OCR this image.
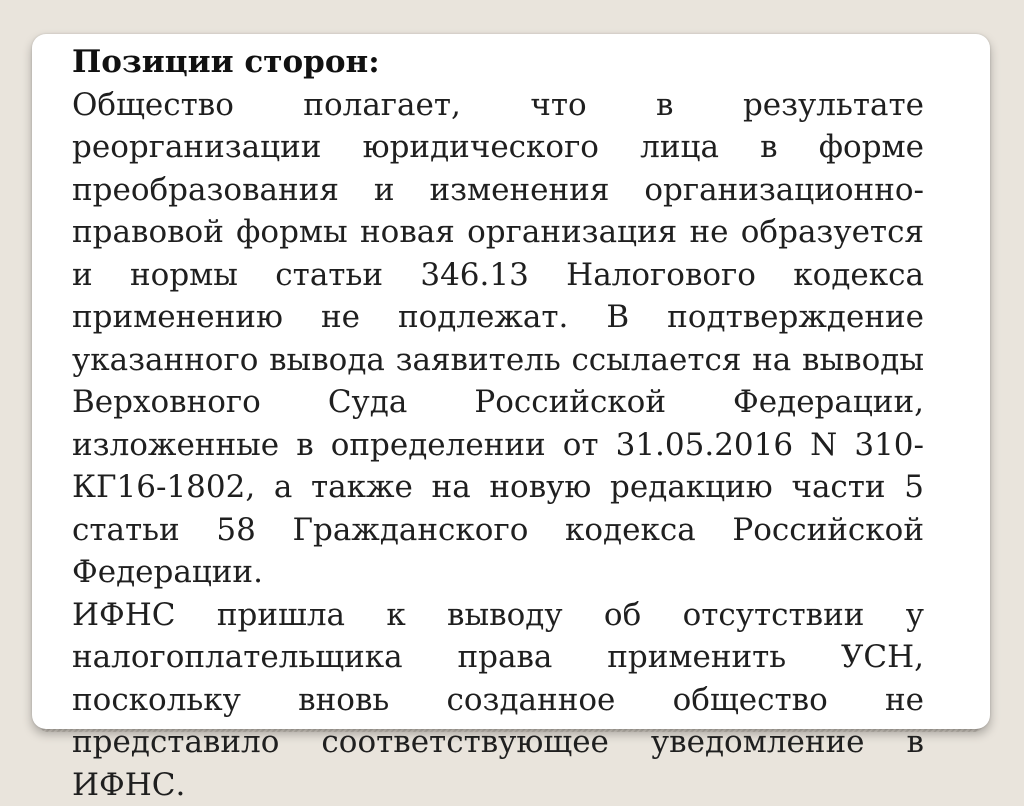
Позиции сторон:

Общество полагает, что в результате реорганизации юридического лица в форме преобразования и изменения организационно-правовой формы новая организация не образуется и нормы статьи 346.13 Налогового кодекса применению не подлежат. В подтверждение указанного вывода заявитель ссылается на выводы Верховного Суда Российской Федерации, изложенные в определении от 31.05.2016 N 310-КГ16-1802, а также на новую редакцию части 5 статьи 58 Гражданского кодекса Российской Федерации.

ИФНС пришла к выводу об отсутствии у налогоплательщика права применить УСН, поскольку вновь созданное общество не представило соответствующее уведомление в ИФНС.
